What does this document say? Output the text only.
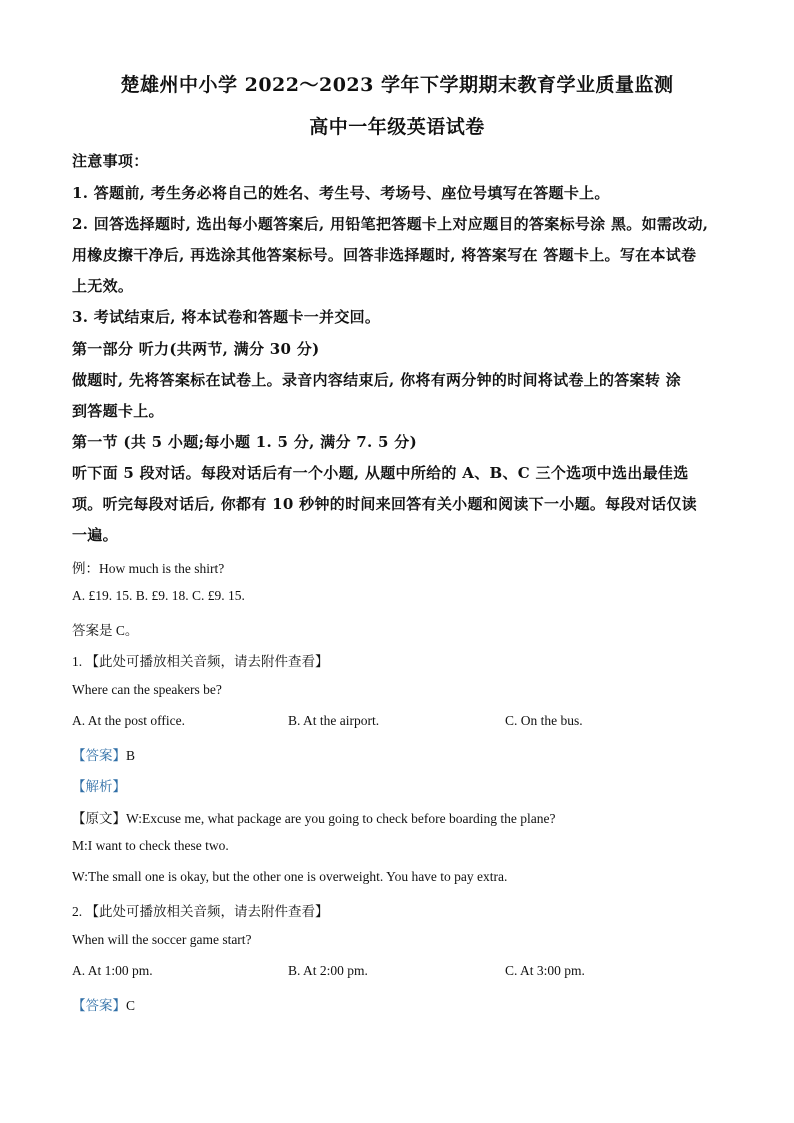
楚雄州中小学 2022～2023 学年下学期期末教育学业质量监测
高中一年级英语试卷
注意事项：
1. 答题前, 考生务必将自己的姓名、考生号、考场号、座位号填写在答题卡上。
2. 回答选择题时, 选出每小题答案后, 用铅笔把答题卡上对应题目的答案标号涂 黑。如需改动,
用橡皮擦干净后, 再选涂其他答案标号。回答非选择题时, 将答案写在 答题卡上。写在本试卷
上无效。
3. 考试结束后, 将本试卷和答题卡一并交回。
第一部分 听力(共两节, 满分 30 分)
做题时, 先将答案标在试卷上。录音内容结束后, 你将有两分钟的时间将试卷上的答案转 涂
到答题卡上。
第一节 (共 5 小题;每小题 1. 5 分, 满分 7. 5 分)
听下面 5 段对话。每段对话后有一个小题, 从题中所给的 A、B、C 三个选项中选出最佳选
项。听完每段对话后, 你都有 10 秒钟的时间来回答有关小题和阅读下一小题。每段对话仅读
一遍。
例：How much is the shirt?
A. £19. 15. B. £9. 18. C. £9. 15.
答案是 C。
1. 【此处可播放相关音频，请去附件查看】
Where can the speakers be?
A. At the post office.	B. At the airport.	C. On the bus.
【答案】B
【解析】
【原文】W:Excuse me, what package are you going to check before boarding the plane?
M:I want to check these two.
W:The small one is okay, but the other one is overweight. You have to pay extra.
2. 【此处可播放相关音频，请去附件查看】
When will the soccer game start?
A. At 1:00 pm.	B. At 2:00 pm.	C. At 3:00 pm.
【答案】C
